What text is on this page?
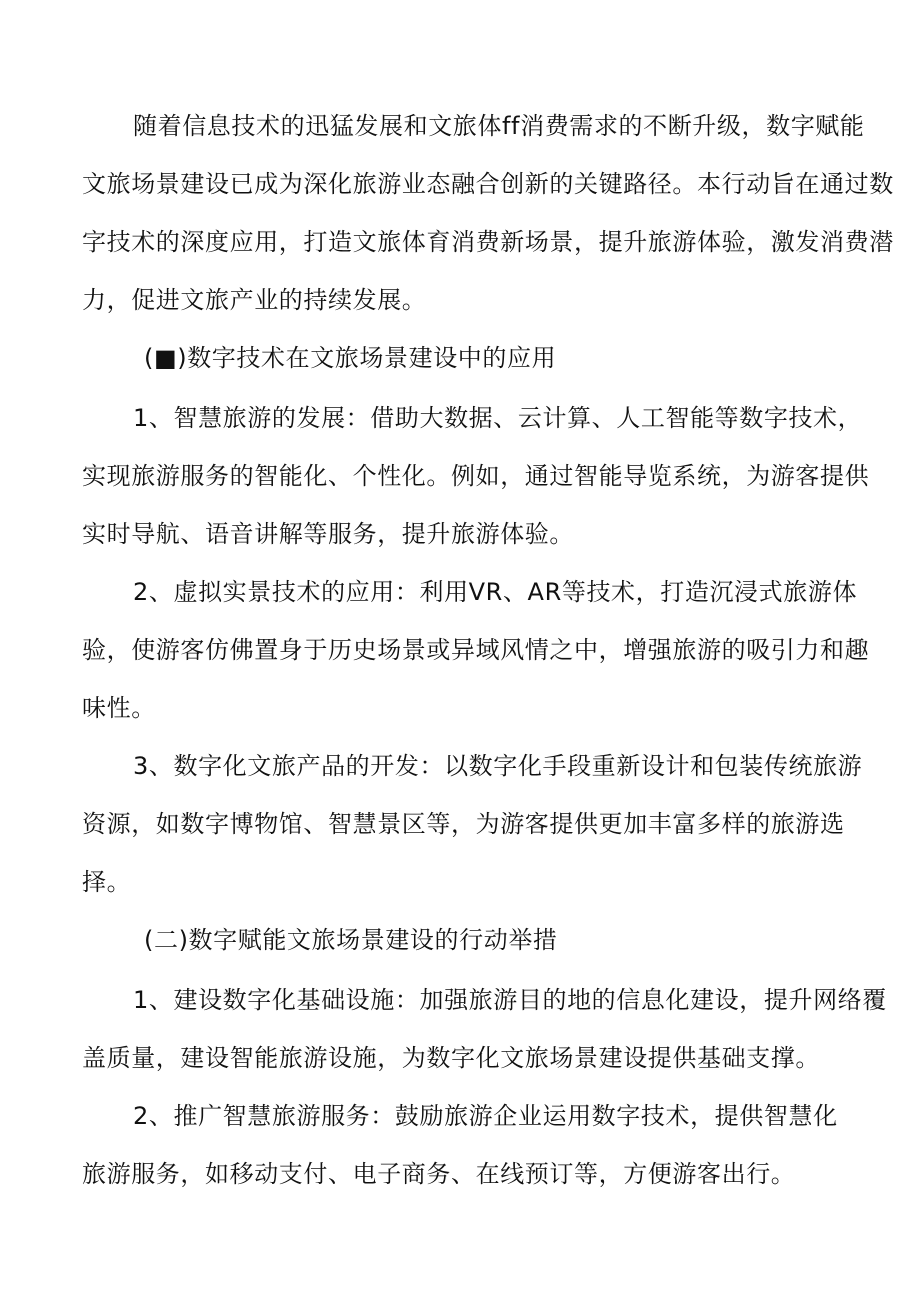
随着信息技术的迅猛发展和文旅体ff消费需求的不断升级，数字赋能
文旅场景建设已成为深化旅游业态融合创新的关键路径。本行动旨在通过数
字技术的深度应用，打造文旅体育消费新场景，提升旅游体验，激发消费潜
力，促进文旅产业的持续发展。
(■)数字技术在文旅场景建设中的应用
1、智慧旅游的发展：借助大数据、云计算、人工智能等数字技术，
实现旅游服务的智能化、个性化。例如，通过智能导览系统，为游客提供
实时导航、语音讲解等服务，提升旅游体验。
2、虚拟实景技术的应用：利用VR、AR等技术，打造沉浸式旅游体
验，使游客仿佛置身于历史场景或异域风情之中，增强旅游的吸引力和趣
味性。
3、数字化文旅产品的开发：以数字化手段重新设计和包装传统旅游
资源，如数字博物馆、智慧景区等，为游客提供更加丰富多样的旅游选
择。
(二)数字赋能文旅场景建设的行动举措
1、建设数字化基础设施：加强旅游目的地的信息化建设，提升网络覆
盖质量，建设智能旅游设施，为数字化文旅场景建设提供基础支撑。
2、推广智慧旅游服务：鼓励旅游企业运用数字技术，提供智慧化
旅游服务，如移动支付、电子商务、在线预订等，方便游客出行。
